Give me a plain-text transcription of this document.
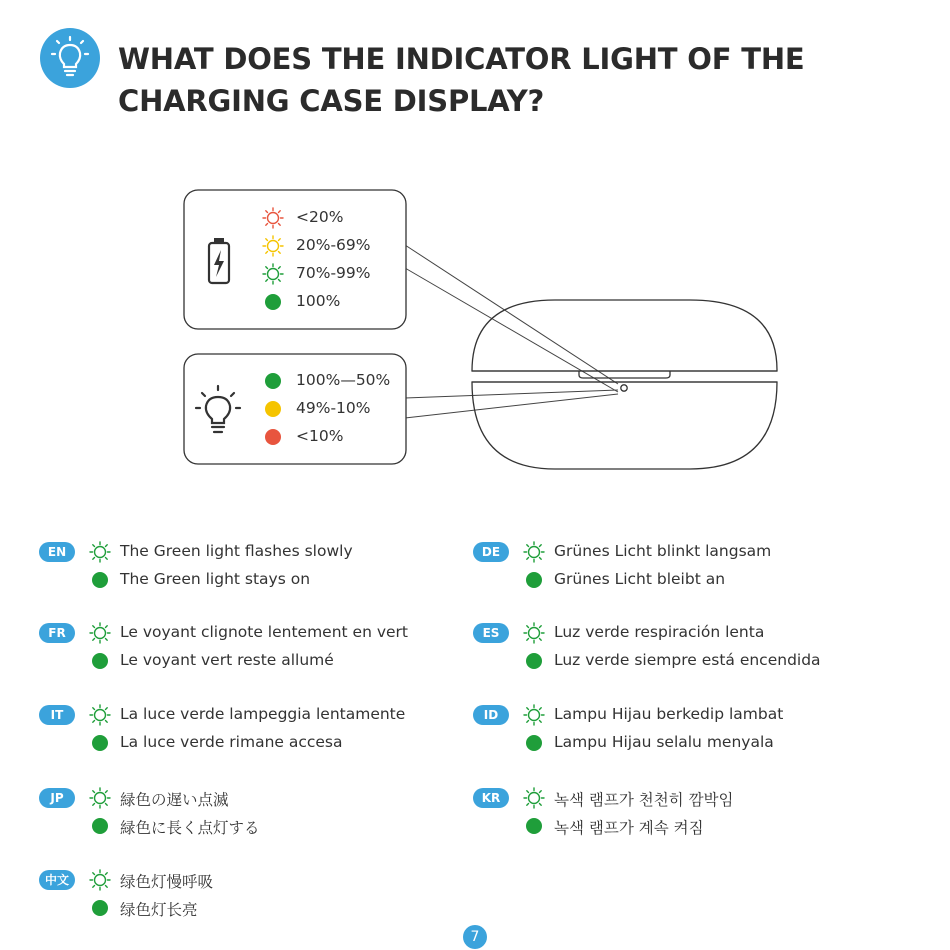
WHAT DOES THE INDICATOR LIGHT OF THE CHARGING CASE DISPLAY?
<20%
20%-69%
70%-99%
100%
100%—50%
49%-10%
<10%
EN	The Green light flashes slowly
The Green light stays on
DE	Grünes Licht blinkt langsam
Grünes Licht bleibt an
FR	Le voyant clignote lentement en vert
Le voyant vert reste allumé
ES	Luz verde respiración lenta
Luz verde siempre está encendida
IT	La luce verde lampeggia lentamente
La luce verde rimane accesa
ID	Lampu Hijau berkedip lambat
Lampu Hijau selalu menyala
JP	緑色の遅い点滅
緑色に長く点灯する
KR	녹색 램프가 천천히 깜박임
녹색 램프가 계속 켜짐
中文	绿色灯慢呼吸
绿色灯长亮
7
